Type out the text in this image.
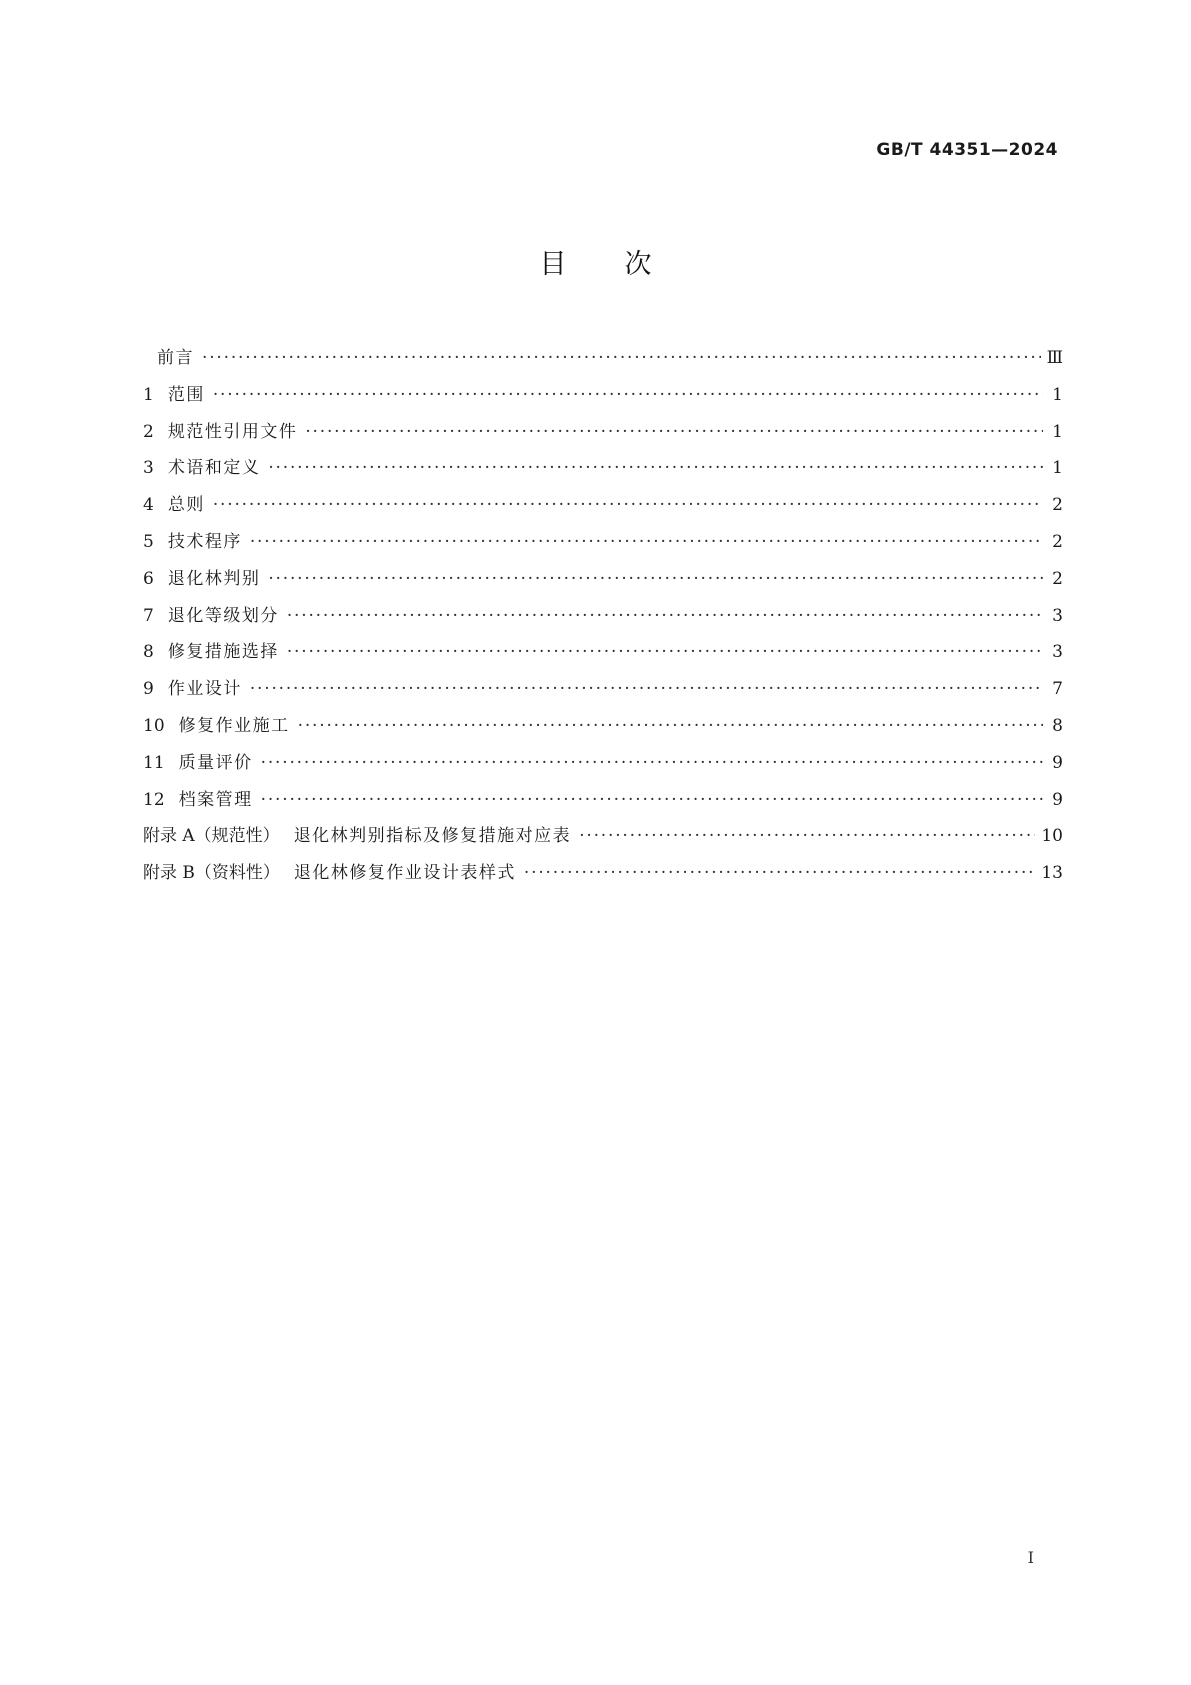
GB/T 44351—2024
目次
前言 ·····	Ⅲ
1 范围 ·····	1
2 规范性引用文件 ·····	1
3 术语和定义 ·····	1
4 总则 ·····	2
5 技术程序 ·····	2
6 退化林判别 ·····	2
7 退化等级划分 ·····	3
8 修复措施选择 ·····	3
9 作业设计 ·····	7
10 修复作业施工 ·····	8
11 质量评价 ·····	9
12 档案管理 ·····	9
附录 A（规范性） 退化林判别指标及修复措施对应表 ·····	10
附录 B（资料性） 退化林修复作业设计表样式 ·····	13
Ⅰ
